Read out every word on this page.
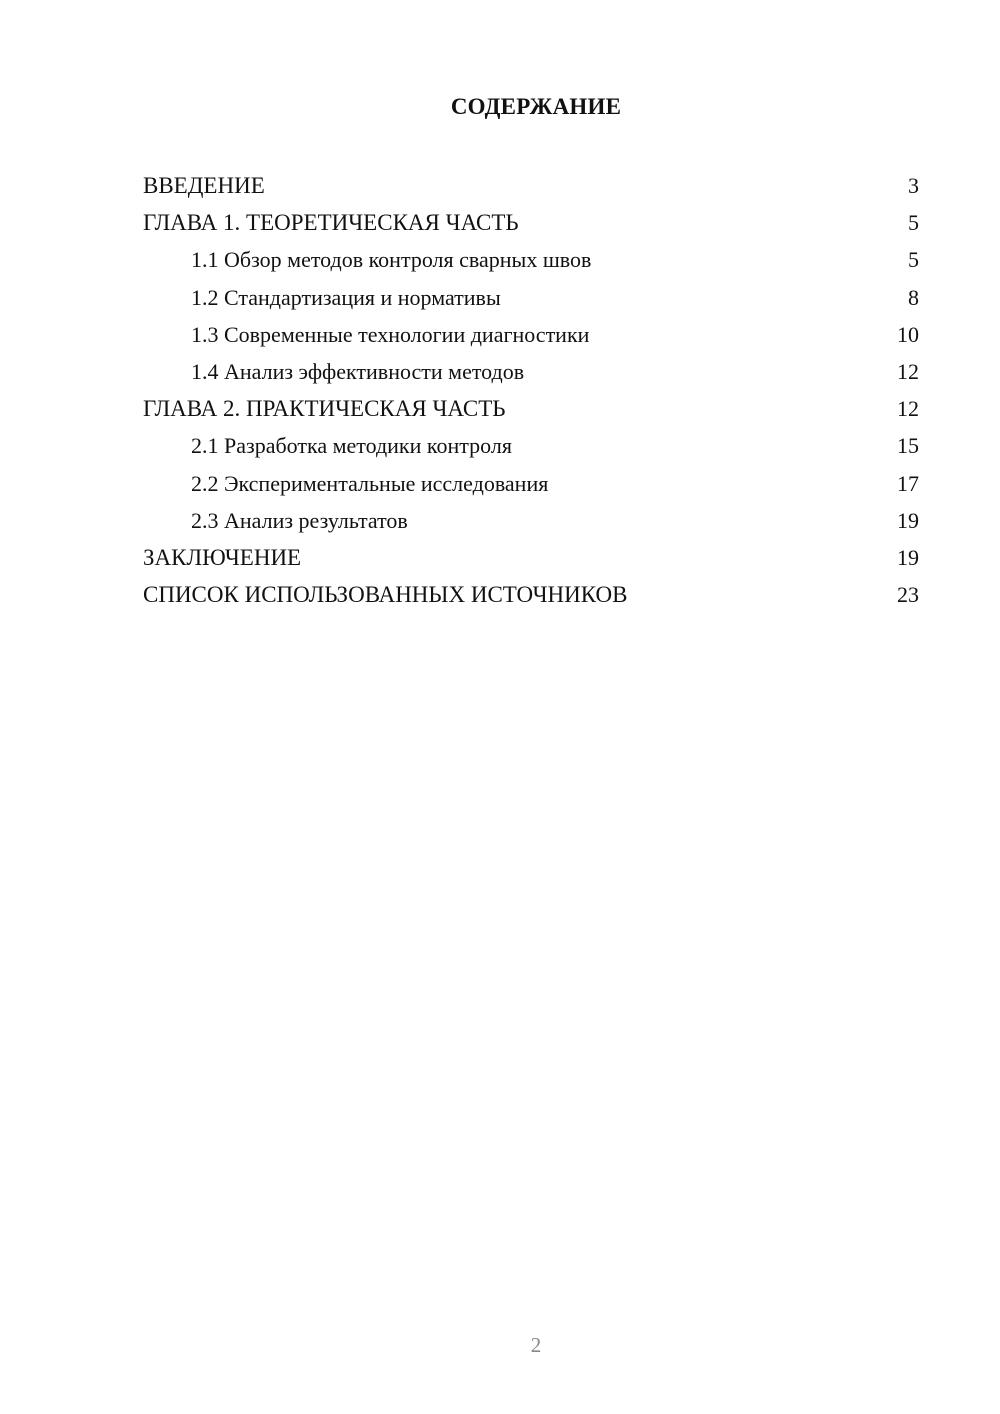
СОДЕРЖАНИЕ
ВВЕДЕНИЕ	3
ГЛАВА 1. ТЕОРЕТИЧЕСКАЯ ЧАСТЬ	5
1.1 Обзор методов контроля сварных швов	5
1.2 Стандартизация и нормативы	8
1.3 Современные технологии диагностики	10
1.4 Анализ эффективности методов	12
ГЛАВА 2. ПРАКТИЧЕСКАЯ ЧАСТЬ	12
2.1 Разработка методики контроля	15
2.2 Экспериментальные исследования	17
2.3 Анализ результатов	19
ЗАКЛЮЧЕНИЕ	19
СПИСОК ИСПОЛЬЗОВАННЫХ ИСТОЧНИКОВ	23
2
